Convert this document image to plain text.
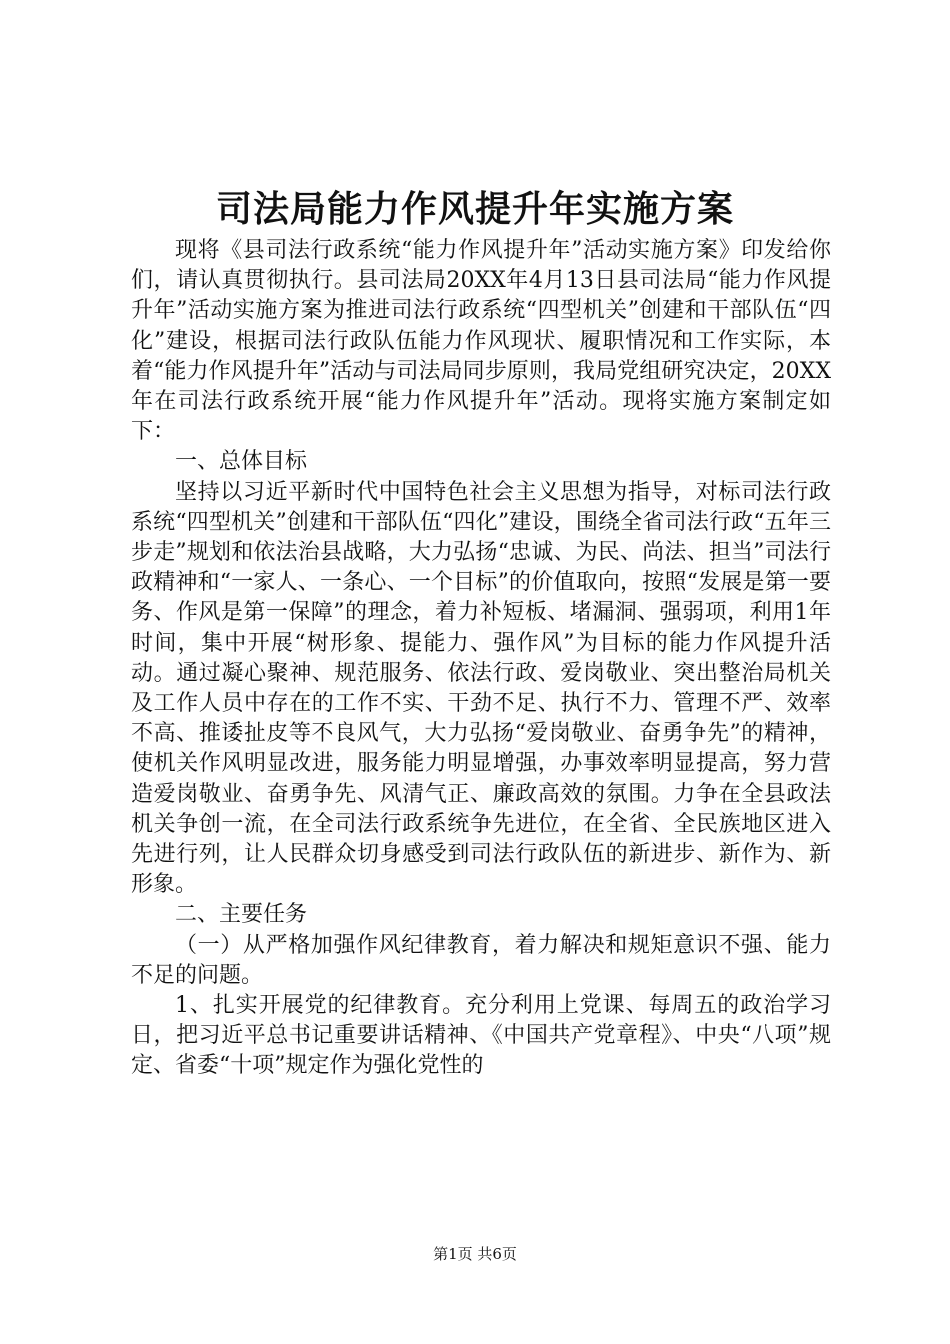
司法局能力作风提升年实施方案

现将《县司法行政系统“能力作风提升年”活动实施方案》印发给你们，请认真贯彻执行。县司法局20XX年4月13日县司法局“能力作风提升年”活动实施方案为推进司法行政系统“四型机关”创建和干部队伍“四化”建设，根据司法行政队伍能力作风现状、履职情况和工作实际，本着“能力作风提升年”活动与司法局同步原则，我局党组研究决定，20XX年在司法行政系统开展“能力作风提升年”活动。现将实施方案制定如下：

一、总体目标

坚持以习近平新时代中国特色社会主义思想为指导，对标司法行政系统“四型机关”创建和干部队伍“四化”建设，围绕全省司法行政“五年三步走”规划和依法治县战略，大力弘扬“忠诚、为民、尚法、担当”司法行政精神和“一家人、一条心、一个目标”的价值取向，按照“发展是第一要务、作风是第一保障”的理念，着力补短板、堵漏洞、强弱项，利用1年时间，集中开展“树形象、提能力、强作风”为目标的能力作风提升活动。通过凝心聚神、规范服务、依法行政、爱岗敬业、突出整治局机关及工作人员中存在的工作不实、干劲不足、执行不力、管理不严、效率不高、推诿扯皮等不良风气，大力弘扬“爱岗敬业、奋勇争先”的精神，使机关作风明显改进，服务能力明显增强，办事效率明显提高，努力营造爱岗敬业、奋勇争先、风清气正、廉政高效的氛围。力争在全县政法机关争创一流，在全司法行政系统争先进位，在全省、全民族地区进入先进行列，让人民群众切身感受到司法行政队伍的新进步、新作为、新形象。

二、主要任务

（一）从严格加强作风纪律教育，着力解决和规矩意识不强、能力不足的问题。

1、扎实开展党的纪律教育。充分利用上党课、每周五的政治学习日，把习近平总书记重要讲话精神、《中国共产党章程》、中央“八项”规定、省委“十项”规定作为强化党性的

第1页 共6页
